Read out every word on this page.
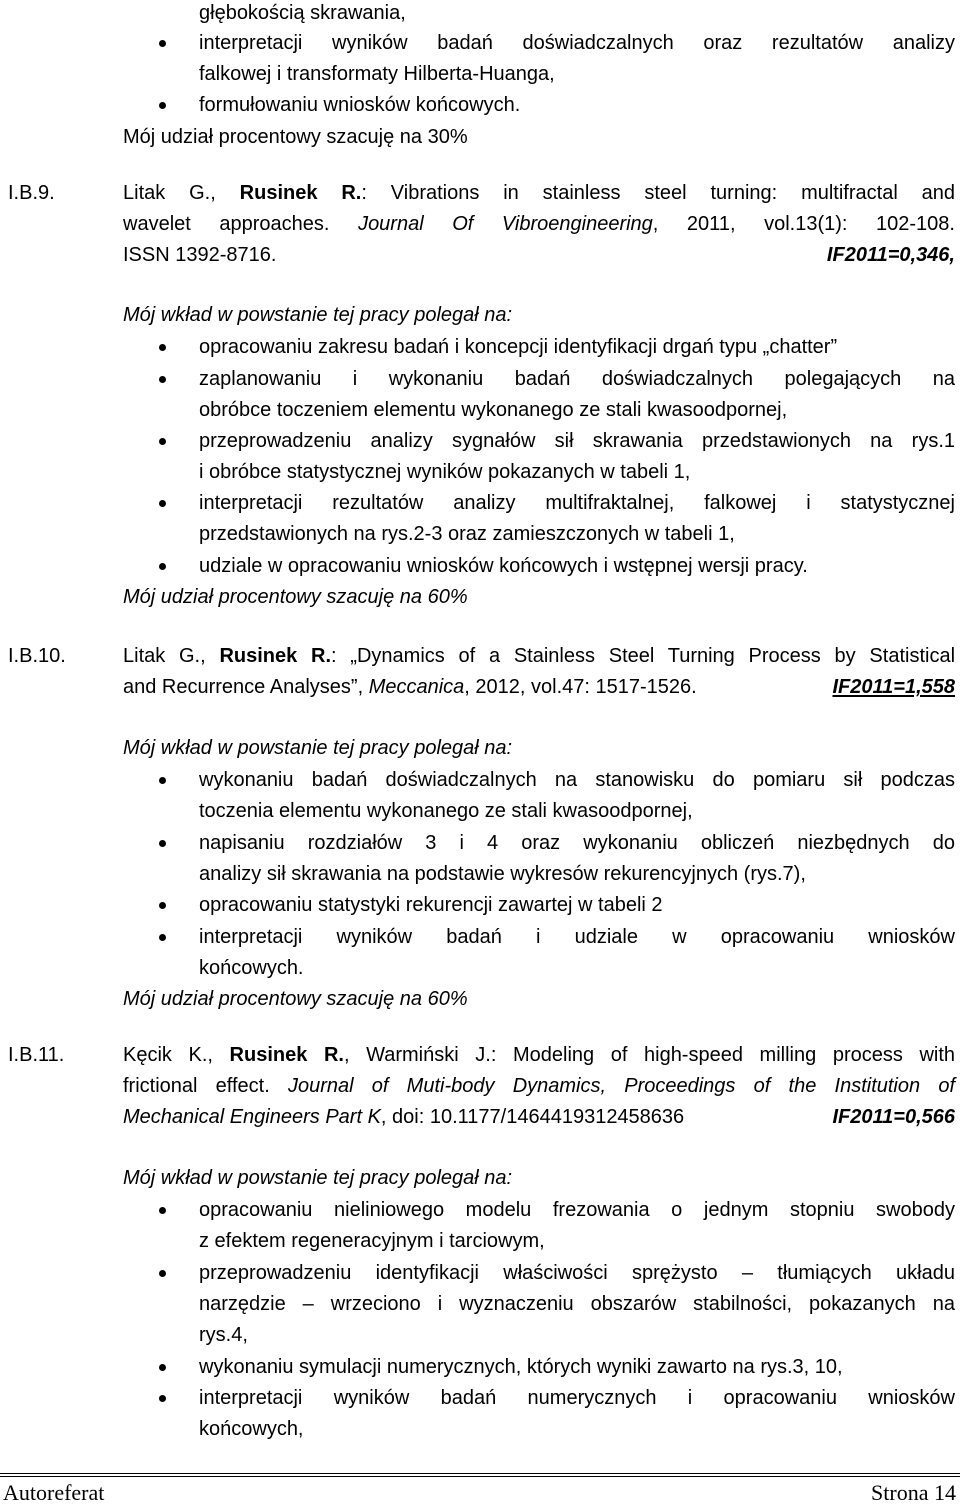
głębokością skrawania,
interpretacji wyników badań doświadczalnych oraz rezultatów analizy
falkowej i transformaty Hilberta-Huanga,
formułowaniu wniosków końcowych.
Mój udział procentowy szacuję na 30%
I.B.9.	Litak G., Rusinek R.: Vibrations in stainless steel turning: multifractal and
wavelet approaches. Journal Of Vibroengineering, 2011, vol.13(1): 102-108.
ISSN 1392-8716.	IF2011=0,346,
Mój wkład w powstanie tej pracy polegał na:
opracowaniu zakresu badań i koncepcji identyfikacji drgań typu „chatter”
zaplanowaniu i wykonaniu badań doświadczalnych polegających na
obróbce toczeniem elementu wykonanego ze stali kwasoodpornej,
przeprowadzeniu analizy sygnałów sił skrawania przedstawionych na rys.1
i obróbce statystycznej wyników pokazanych w tabeli 1,
interpretacji rezultatów analizy multifraktalnej, falkowej i statystycznej
przedstawionych na rys.2-3 oraz zamieszczonych w tabeli 1,
udziale w opracowaniu wniosków końcowych i wstępnej wersji pracy.
Mój udział procentowy szacuję na 60%
I.B.10.	Litak G., Rusinek R.: „Dynamics of a Stainless Steel Turning Process by Statistical
and Recurrence Analyses”, Meccanica, 2012, vol.47: 1517-1526.	IF2011=1,558
Mój wkład w powstanie tej pracy polegał na:
wykonaniu badań doświadczalnych na stanowisku do pomiaru sił podczas
toczenia elementu wykonanego ze stali kwasoodpornej,
napisaniu rozdziałów 3 i 4 oraz wykonaniu obliczeń niezbędnych do
analizy sił skrawania na podstawie wykresów rekurencyjnych (rys.7),
opracowaniu statystyki rekurencji zawartej w tabeli 2
interpretacji wyników badań i udziale w opracowaniu wniosków
końcowych.
Mój udział procentowy szacuję na 60%
I.B.11.	Kęcik K., Rusinek R., Warmiński J.: Modeling of high-speed milling process with
frictional effect. Journal of Muti-body Dynamics, Proceedings of the Institution of
Mechanical Engineers Part K, doi: 10.1177/1464419312458636	IF2011=0,566
Mój wkład w powstanie tej pracy polegał na:
opracowaniu nieliniowego modelu frezowania o jednym stopniu swobody
z efektem regeneracyjnym i tarciowym,
przeprowadzeniu identyfikacji właściwości sprężysto – tłumiących układu
narzędzie – wrzeciono i wyznaczeniu obszarów stabilności, pokazanych na
rys.4,
wykonaniu symulacji numerycznych, których wyniki zawarto na rys.3, 10,
interpretacji wyników badań numerycznych i opracowaniu wniosków
końcowych,
Autoreferat	Strona 14
